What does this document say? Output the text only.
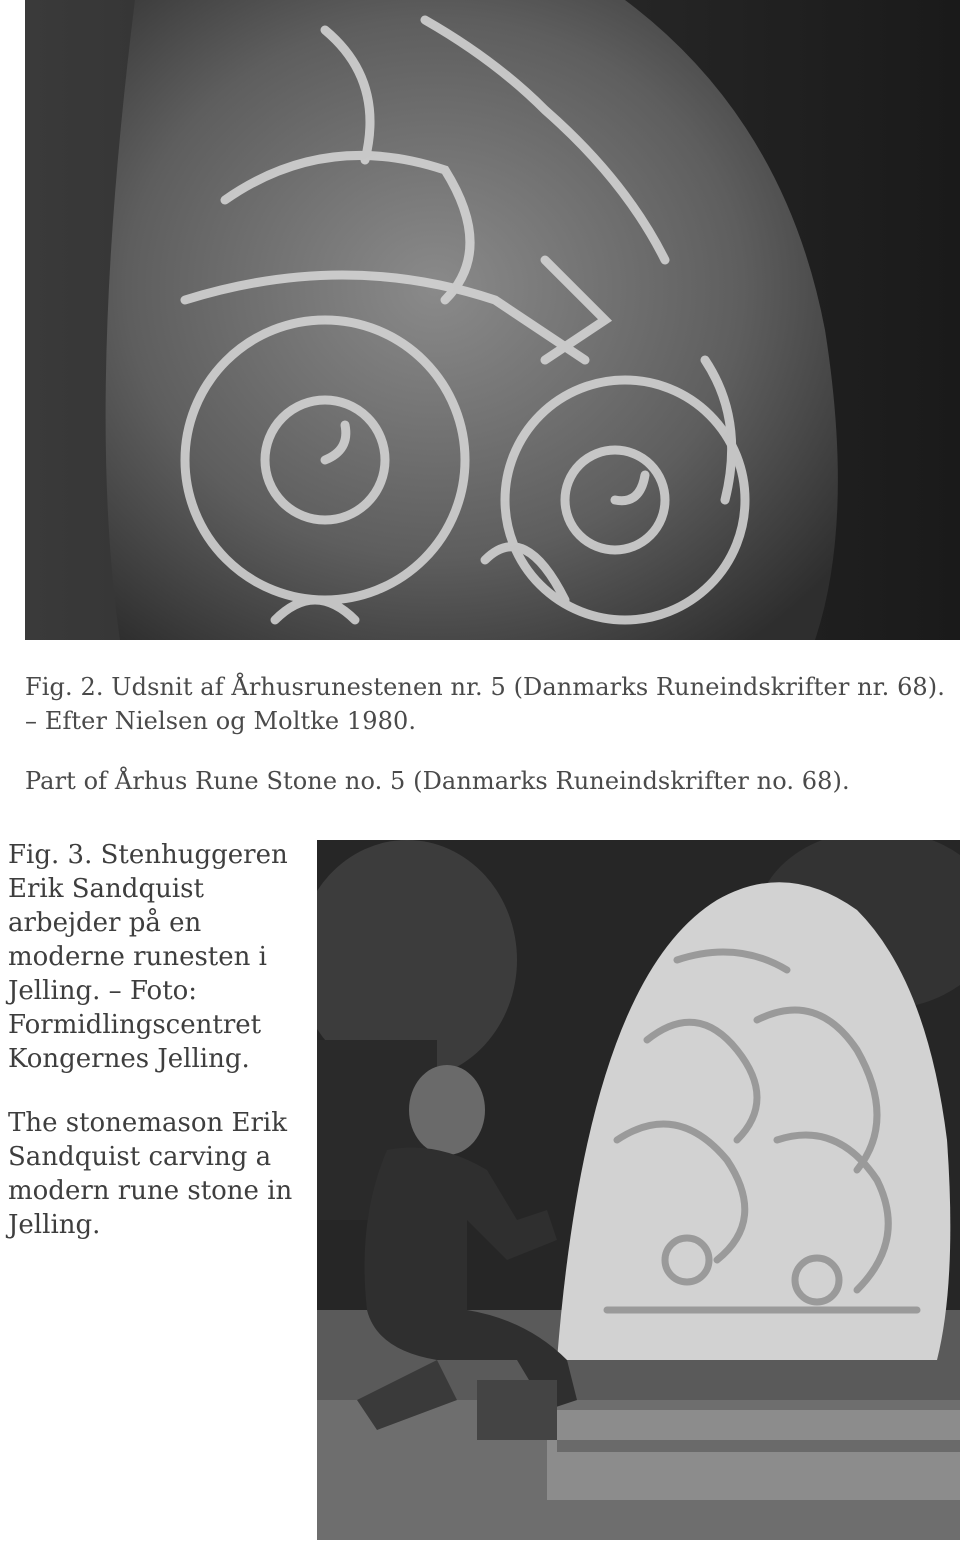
Fig. 2. Udsnit af Århusrunestenen nr. 5 (Danmarks Runeindskrifter nr. 68). – Efter Nielsen og Moltke 1980.
Part of Århus Rune Stone no. 5 (Danmarks Runeindskrifter no. 68).

Fig. 3. Stenhuggeren Erik Sandquist arbejder på en moderne runesten i Jelling. – Foto: Formidlingscentret Kongernes Jelling.

The stonemason Erik Sandquist carving a modern rune stone in Jelling.
